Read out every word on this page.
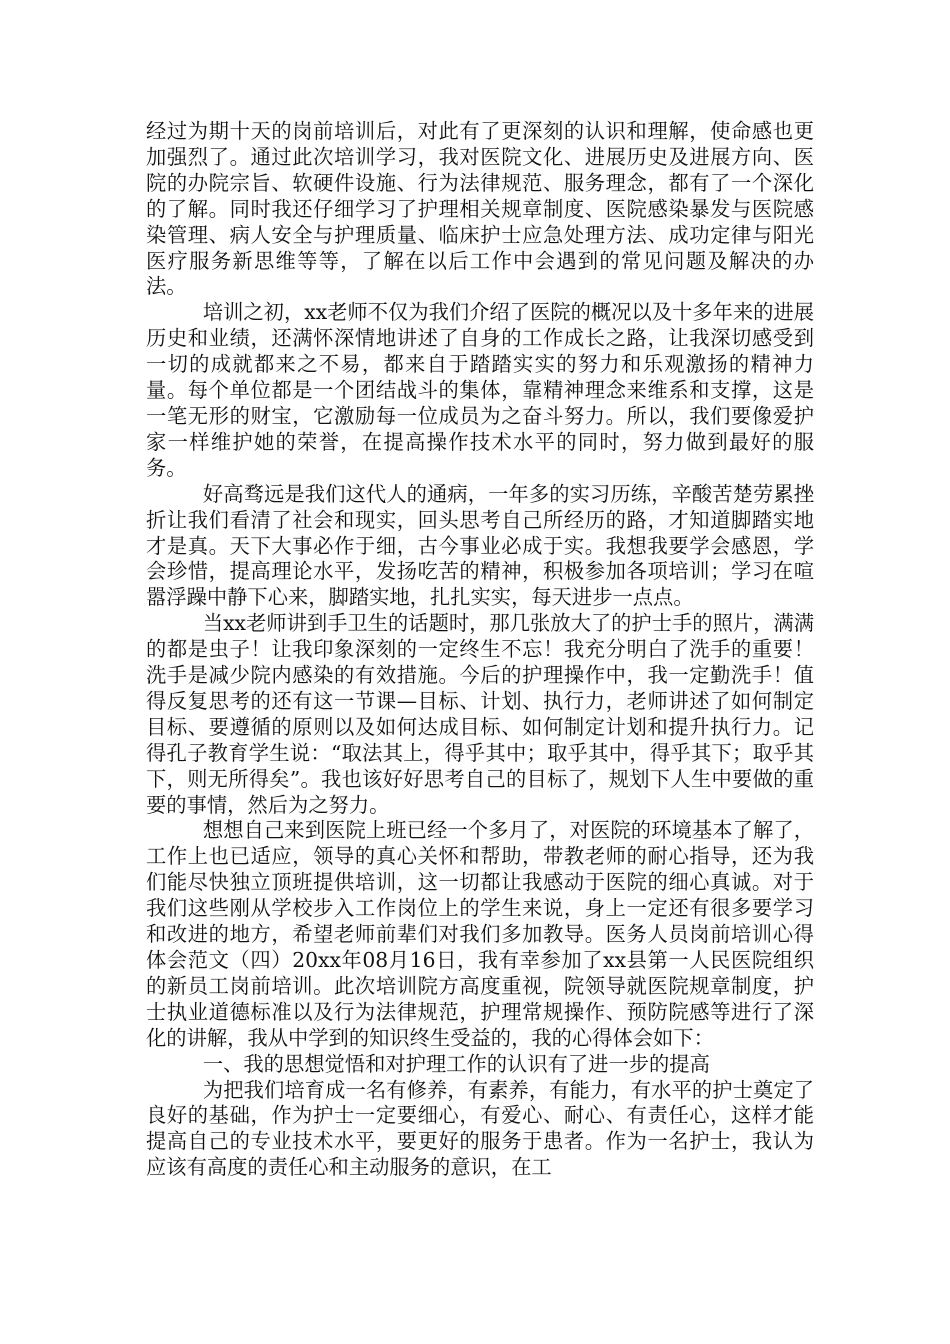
经过为期十天的岗前培训后，对此有了更深刻的认识和理解，使命感也更加强烈了。通过此次培训学习，我对医院文化、进展历史及进展方向、医院的办院宗旨、软硬件设施、行为法律规范、服务理念，都有了一个深化的了解。同时我还仔细学习了护理相关规章制度、医院感染暴发与医院感染管理、病人安全与护理质量、临床护士应急处理方法、成功定律与阳光医疗服务新思维等等，了解在以后工作中会遇到的常见问题及解决的办法。

培训之初，xx老师不仅为我们介绍了医院的概况以及十多年来的进展历史和业绩，还满怀深情地讲述了自身的工作成长之路，让我深切感受到一切的成就都来之不易，都来自于踏踏实实的努力和乐观激扬的精神力量。每个单位都是一个团结战斗的集体，靠精神理念来维系和支撑，这是一笔无形的财宝，它激励每一位成员为之奋斗努力。所以，我们要像爱护家一样维护她的荣誉，在提高操作技术水平的同时，努力做到最好的服务。

好高骛远是我们这代人的通病，一年多的实习历练，辛酸苦楚劳累挫折让我们看清了社会和现实，回头思考自己所经历的路，才知道脚踏实地才是真。天下大事必作于细，古今事业必成于实。我想我要学会感恩，学会珍惜，提高理论水平，发扬吃苦的精神，积极参加各项培训；学习在喧嚣浮躁中静下心来，脚踏实地，扎扎实实，每天进步一点点。

当xx老师讲到手卫生的话题时，那几张放大了的护士手的照片，满满的都是虫子！让我印象深刻的一定终生不忘！我充分明白了洗手的重要！洗手是减少院内感染的有效措施。今后的护理操作中，我一定勤洗手！值得反复思考的还有这一节课—目标、计划、执行力，老师讲述了如何制定目标、要遵循的原则以及如何达成目标、如何制定计划和提升执行力。记得孔子教育学生说：“取法其上，得乎其中；取乎其中，得乎其下；取乎其下，则无所得矣”。我也该好好思考自己的目标了，规划下人生中要做的重要的事情，然后为之努力。

想想自己来到医院上班已经一个多月了，对医院的环境基本了解了，工作上也已适应，领导的真心关怀和帮助，带教老师的耐心指导，还为我们能尽快独立顶班提供培训，这一切都让我感动于医院的细心真诚。对于我们这些刚从学校步入工作岗位上的学生来说，身上一定还有很多要学习和改进的地方，希望老师前辈们对我们多加教导。医务人员岗前培训心得体会范文（四）20xx年08月16日，我有幸参加了xx县第一人民医院组织的新员工岗前培训。此次培训院方高度重视，院领导就医院规章制度，护士执业道德标准以及行为法律规范，护理常规操作、预防院感等进行了深化的讲解，我从中学到的知识终生受益的，我的心得体会如下：

一、我的思想觉悟和对护理工作的认识有了进一步的提高

为把我们培育成一名有修养，有素养，有能力，有水平的护士奠定了良好的基础，作为护士一定要细心，有爱心、耐心、有责任心，这样才能提高自己的专业技术水平，要更好的服务于患者。作为一名护士，我认为应该有高度的责任心和主动服务的意识，在工
